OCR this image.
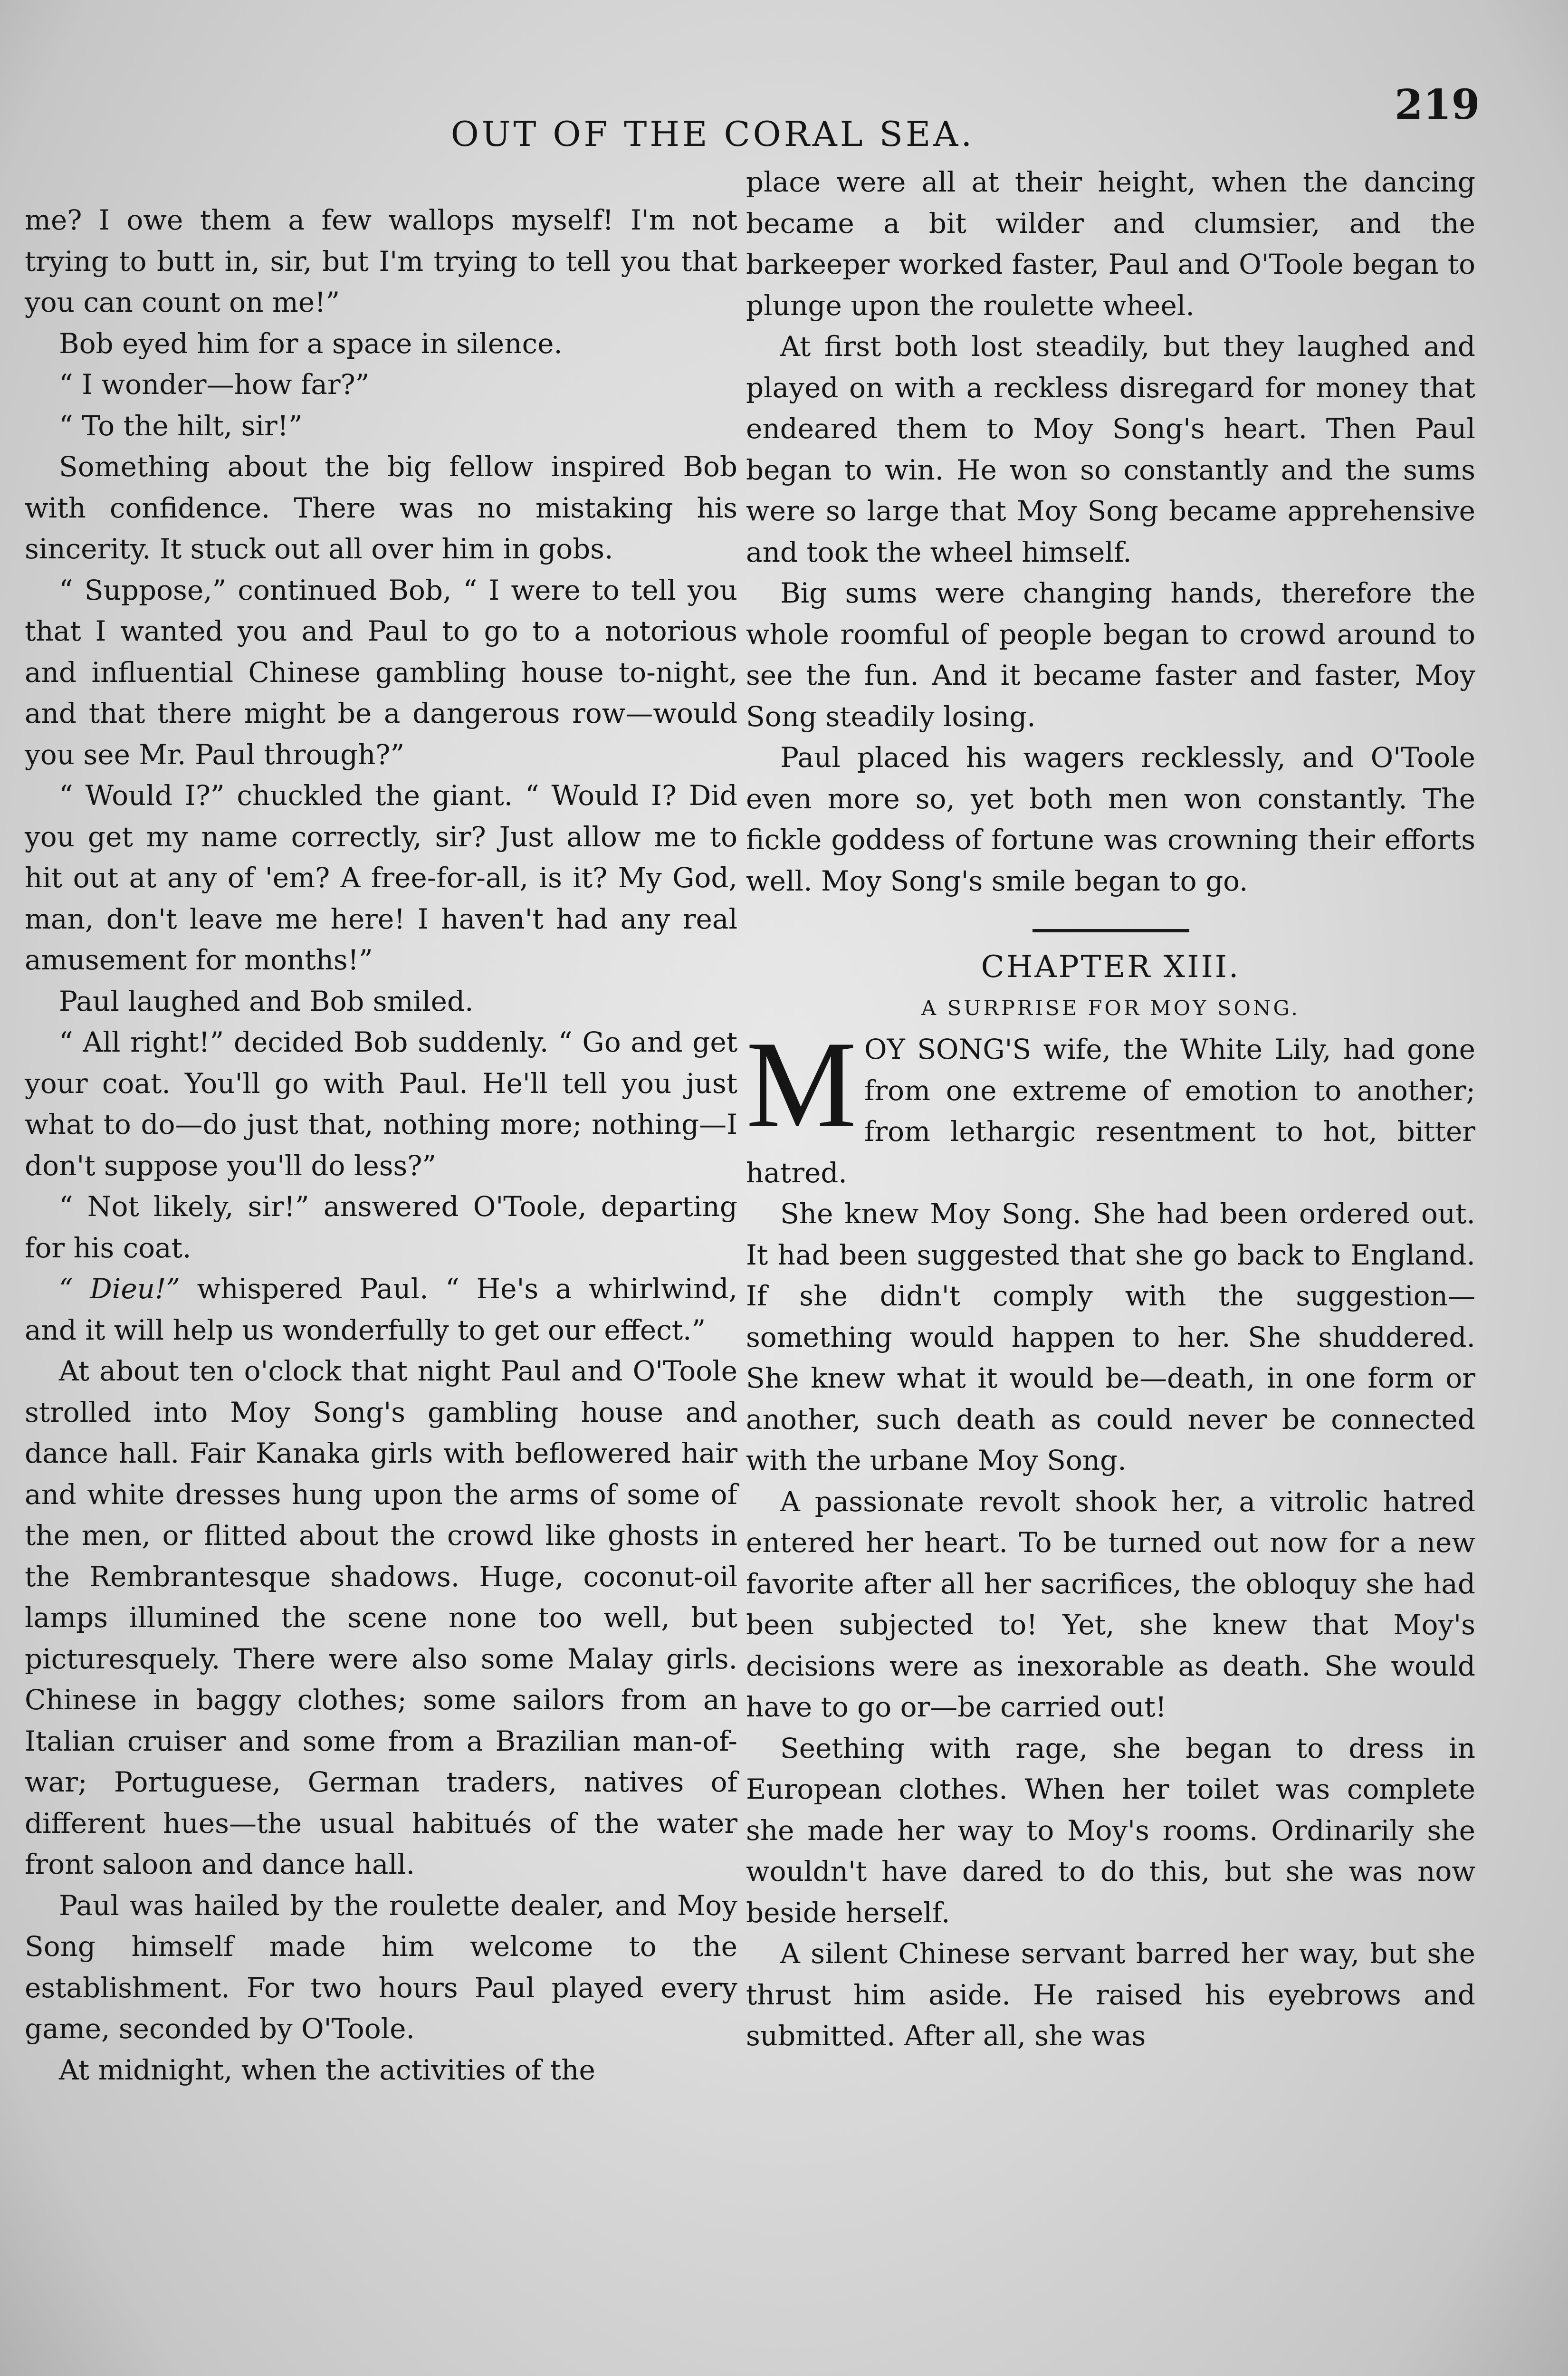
OUT OF THE CORAL SEA.
219

me? I owe them a few wallops myself! I'm not trying to butt in, sir, but I'm trying to tell you that you can count on me!”

Bob eyed him for a space in silence.

“ I wonder—how far?”

“ To the hilt, sir!”

Something about the big fellow inspired Bob with confidence. There was no mistaking his sincerity. It stuck out all over him in gobs.

“ Suppose,” continued Bob, “ I were to tell you that I wanted you and Paul to go to a notorious and influential Chinese gambling house to-night, and that there might be a dangerous row—would you see Mr. Paul through?”

“ Would I?” chuckled the giant. “ Would I? Did you get my name correctly, sir? Just allow me to hit out at any of 'em? A free-for-all, is it? My God, man, don't leave me here! I haven't had any real amusement for months!”

Paul laughed and Bob smiled.

“ All right!” decided Bob suddenly. “ Go and get your coat. You'll go with Paul. He'll tell you just what to do—do just that, nothing more; nothing—I don't suppose you'll do less?”

“ Not likely, sir!” answered O'Toole, departing for his coat.

“ Dieu!” whispered Paul. “ He's a whirlwind, and it will help us wonderfully to get our effect.”

At about ten o'clock that night Paul and O'Toole strolled into Moy Song's gambling house and dance hall. Fair Kanaka girls with beflowered hair and white dresses hung upon the arms of some of the men, or flitted about the crowd like ghosts in the Rembrantesque shadows. Huge, coconut-oil lamps illumined the scene none too well, but picturesquely. There were also some Malay girls. Chinese in baggy clothes; some sailors from an Italian cruiser and some from a Brazilian man-of-war; Portuguese, German traders, natives of different hues—the usual habitués of the water front saloon and dance hall.

Paul was hailed by the roulette dealer, and Moy Song himself made him welcome to the establishment. For two hours Paul played every game, seconded by O'Toole.

At midnight, when the activities of the

place were all at their height, when the dancing became a bit wilder and clumsier, and the barkeeper worked faster, Paul and O'Toole began to plunge upon the roulette wheel.

At first both lost steadily, but they laughed and played on with a reckless disregard for money that endeared them to Moy Song's heart. Then Paul began to win. He won so constantly and the sums were so large that Moy Song became apprehensive and took the wheel himself.

Big sums were changing hands, therefore the whole roomful of people began to crowd around to see the fun. And it became faster and faster, Moy Song steadily losing.

Paul placed his wagers recklessly, and O'Toole even more so, yet both men won constantly. The fickle goddess of fortune was crowning their efforts well. Moy Song's smile began to go.

CHAPTER XIII.

A SURPRISE FOR MOY SONG.

MOY SONG'S wife, the White Lily, had gone from one extreme of emotion to another; from lethargic resentment to hot, bitter hatred.

She knew Moy Song. She had been ordered out. It had been suggested that she go back to England. If she didn't comply with the suggestion—something would happen to her. She shuddered. She knew what it would be—death, in one form or another, such death as could never be connected with the urbane Moy Song.

A passionate revolt shook her, a vitrolic hatred entered her heart. To be turned out now for a new favorite after all her sacrifices, the obloquy she had been subjected to! Yet, she knew that Moy's decisions were as inexorable as death. She would have to go or—be carried out!

Seething with rage, she began to dress in European clothes. When her toilet was complete she made her way to Moy's rooms. Ordinarily she wouldn't have dared to do this, but she was now beside herself.

A silent Chinese servant barred her way, but she thrust him aside. He raised his eyebrows and submitted. After all, she was
